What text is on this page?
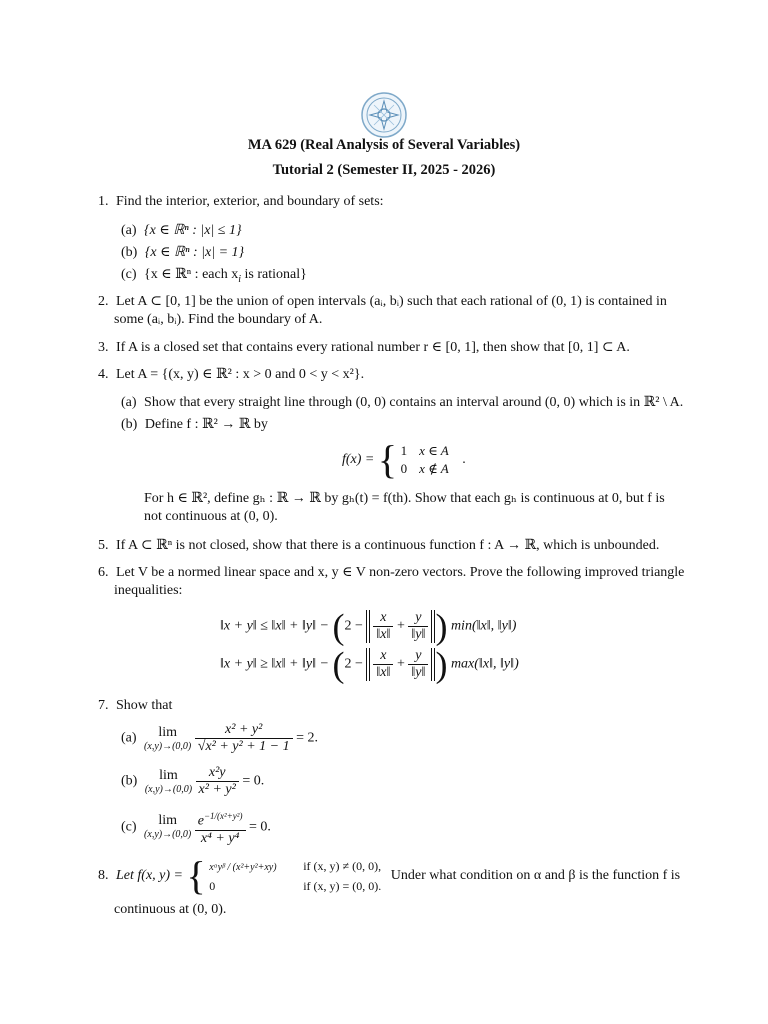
MA 629 (Real Analysis of Several Variables)
Tutorial 2 (Semester II, 2025 - 2026)
1. Find the interior, exterior, and boundary of sets:
(a) {x ∈ ℝⁿ : |x| ≤ 1}
(b) {x ∈ ℝⁿ : |x| = 1}
(c) {x ∈ ℝⁿ : each $x_i$ is rational}
2. Let A ⊂ [0, 1] be the union of open intervals (aᵢ, bᵢ) such that each rational of (0, 1) is contained in
some (aᵢ, bᵢ). Find the boundary of A.
3. If A is a closed set that contains every rational number r ∈ [0, 1], then show that [0, 1] ⊂ A.
4. Let A = {(x, y) ∈ ℝ² : x > 0 and 0 < y < x²}.
(a) Show that every straight line through (0, 0) contains an interval around (0, 0) which is in ℝ² \ A.
(b) Define f : ℝ² → ℝ by
f(x) = { 1 x ∈ A
0 x ∉ A
.
For h ∈ ℝ², define gₕ : ℝ → ℝ by gₕ(t) = f(th). Show that each gₕ is continuous at 0, but f is
not continuous at (0, 0).
5. If A ⊂ ℝⁿ is not closed, show that there is a continuous function f : A → ℝ, which is unbounded.
6. Let V be a normed linear space and x, y ∈ V non-zero vectors. Prove the following improved triangle
inequalities:
‖x + y‖ ≤ ‖x‖ + ‖y‖ − ($2 - \frac{x}{‖x‖} + \frac{y}{‖y‖}$ ) min(‖x‖, ‖y‖)
‖x + y‖ ≥ ‖x‖ + ‖y‖ − ($2 - \frac{x}{‖x‖} + \frac{y}{‖y‖}$ ) max(‖x‖, ‖y‖)
7. Show that
(a)	lim
(x,y)→(0,0)
$\frac{\text{x² + y²}}{\text{√x² + y² + 1 − 1}} = 2$.
(b)	lim
(x,y)→(0,0)
$\frac{\text{x²y}}{\text{x² + y²}} = 0$.
(c)	lim
(x,y)→(0,0)
$\frac{e^{-1/(x^2+y^2)}}{\text{x⁴ + y⁴}} = 0$.
8. Let f(x, y) = { xᵅyᵝ / (x²+y²+xy) if (x, y) ≠ (0, 0),
0	if (x, y) = (0, 0).
Under what condition on α and β is the function f is
continuous at (0, 0).
